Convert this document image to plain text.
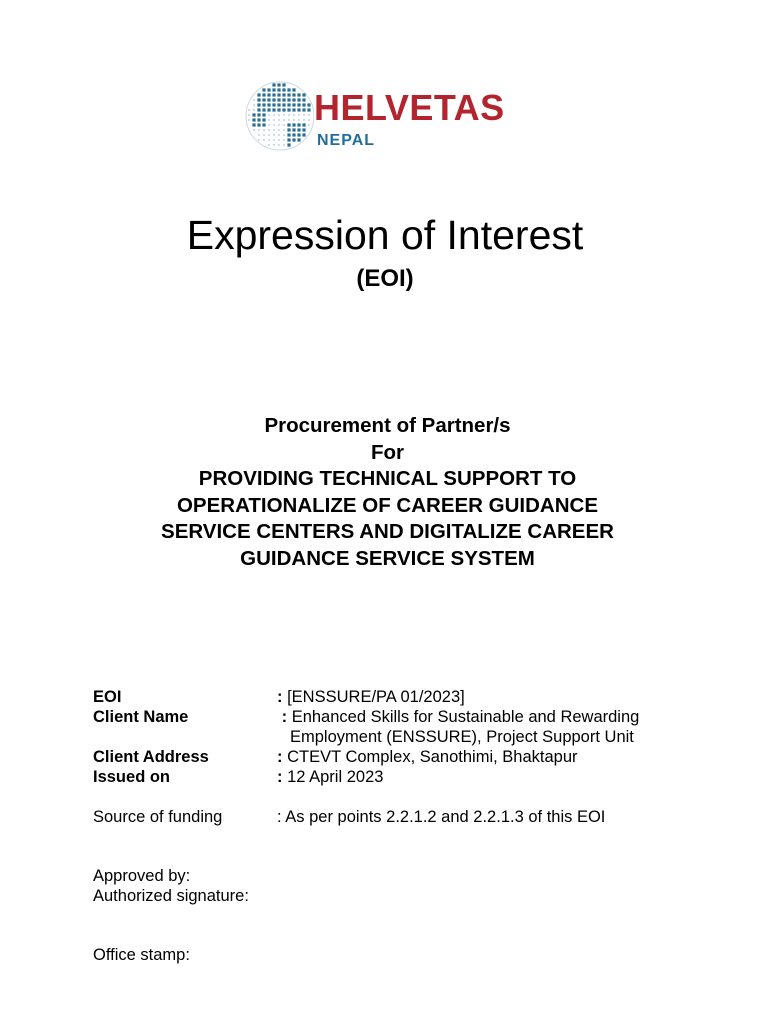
HELVETAS
NEPAL
Expression of Interest
(EOI)
Procurement of Partner/s
For
PROVIDING TECHNICAL SUPPORT TO
OPERATIONALIZE OF CAREER GUIDANCE
SERVICE CENTERS AND DIGITALIZE CAREER
GUIDANCE SERVICE SYSTEM
EOI	: [ENSSURE/PA 01/2023]
Client Name	: Enhanced Skills for Sustainable and Rewarding
Employment (ENSSURE), Project Support Unit
Client Address	: CTEVT Complex, Sanothimi, Bhaktapur
Issued on	: 12 April 2023
Source of funding	: As per points 2.2.1.2 and 2.2.1.3 of this EOI
Approved by:
Authorized signature:
Office stamp:
